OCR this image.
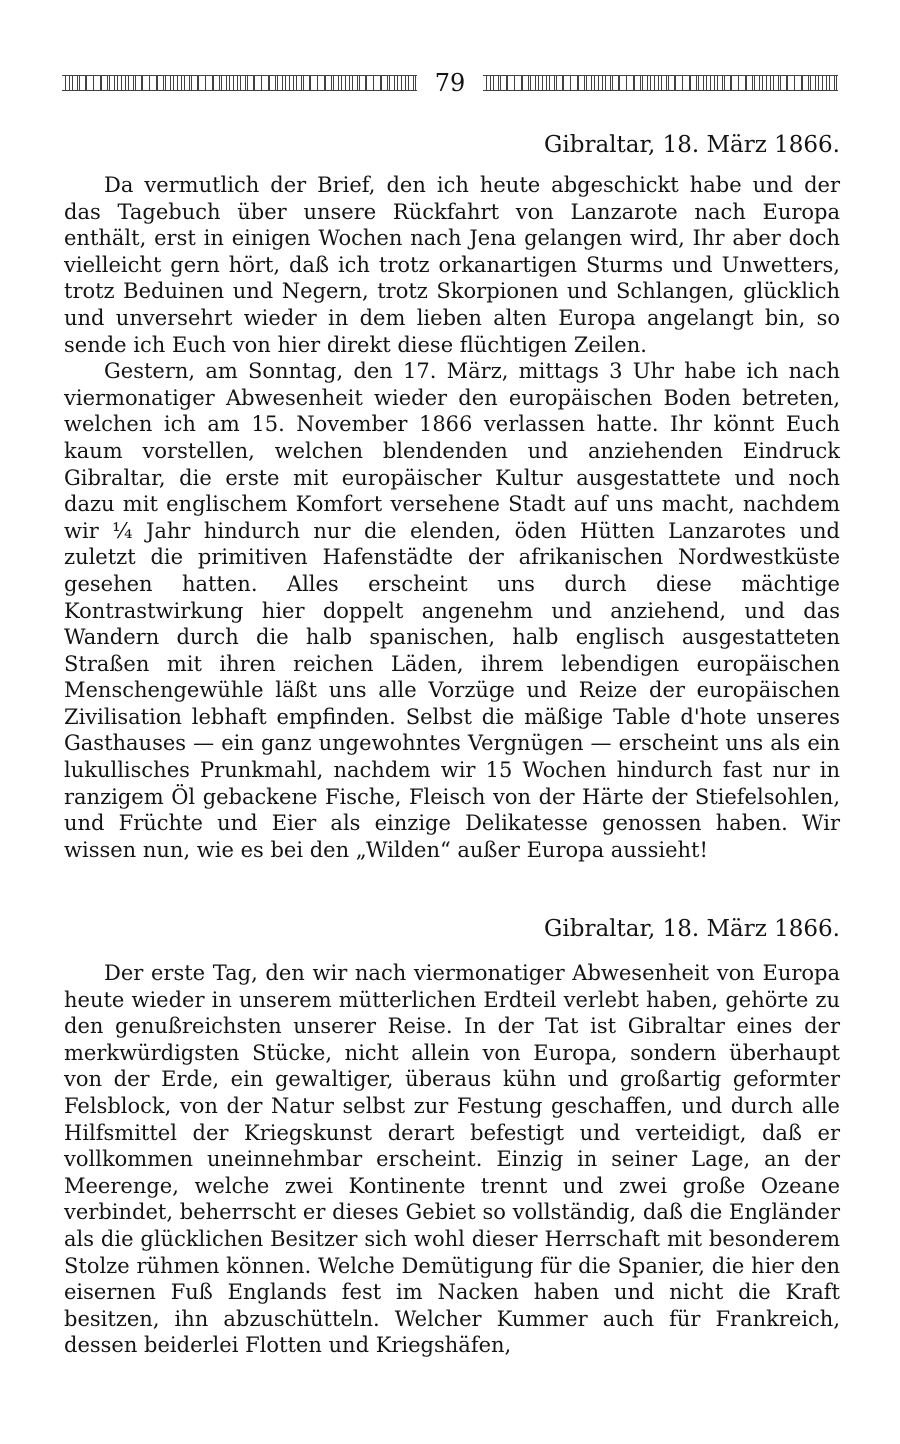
79
Gibraltar, 18. März 1866.

Da vermutlich der Brief, den ich heute abgeschickt habe und der das Tagebuch über unsere Rückfahrt von Lanzarote nach Europa enthält, erst in einigen Wochen nach Jena gelangen wird, Ihr aber doch vielleicht gern hört, daß ich trotz orkanartigen Sturms und Unwetters, trotz Beduinen und Negern, trotz Skorpionen und Schlangen, glücklich und unversehrt wieder in dem lieben alten Europa angelangt bin, so sende ich Euch von hier direkt diese flüchtigen Zeilen.

Gestern, am Sonntag, den 17. März, mittags 3 Uhr habe ich nach viermonatiger Abwesenheit wieder den europäischen Boden betreten, welchen ich am 15. November 1866 verlassen hatte. Ihr könnt Euch kaum vorstellen, welchen blendenden und anziehenden Eindruck Gibraltar, die erste mit europäischer Kultur ausgestattete und noch dazu mit englischem Komfort versehene Stadt auf uns macht, nachdem wir ¼ Jahr hindurch nur die elenden, öden Hütten Lanzarotes und zuletzt die primitiven Hafenstädte der afrikanischen Nordwestküste gesehen hatten. Alles erscheint uns durch diese mächtige Kontrastwirkung hier doppelt angenehm und anziehend, und das Wandern durch die halb spanischen, halb englisch ausgestatteten Straßen mit ihren reichen Läden, ihrem lebendigen europäischen Menschengewühle läßt uns alle Vorzüge und Reize der europäischen Zivilisation lebhaft empfinden. Selbst die mäßige Table d'hote unseres Gasthauses — ein ganz ungewohntes Vergnügen — erscheint uns als ein lukullisches Prunkmahl, nachdem wir 15 Wochen hindurch fast nur in ranzigem Öl gebackene Fische, Fleisch von der Härte der Stiefelsohlen, und Früchte und Eier als einzige Delikatesse genossen haben. Wir wissen nun, wie es bei den „Wilden“ außer Europa aussieht!

Gibraltar, 18. März 1866.

Der erste Tag, den wir nach viermonatiger Abwesenheit von Europa heute wieder in unserem mütterlichen Erdteil verlebt haben, gehörte zu den genußreichsten unserer Reise. In der Tat ist Gibraltar eines der merkwürdigsten Stücke, nicht allein von Europa, sondern überhaupt von der Erde, ein gewaltiger, überaus kühn und großartig geformter Felsblock, von der Natur selbst zur Festung geschaffen, und durch alle Hilfsmittel der Kriegskunst derart befestigt und verteidigt, daß er vollkommen uneinnehmbar erscheint. Einzig in seiner Lage, an der Meerenge, welche zwei Kontinente trennt und zwei große Ozeane verbindet, beherrscht er dieses Gebiet so vollständig, daß die Engländer als die glücklichen Besitzer sich wohl dieser Herrschaft mit besonderem Stolze rühmen können. Welche Demütigung für die Spanier, die hier den eisernen Fuß Englands fest im Nacken haben und nicht die Kraft besitzen, ihn abzuschütteln. Welcher Kummer auch für Frankreich, dessen beiderlei Flotten und Kriegshäfen,
